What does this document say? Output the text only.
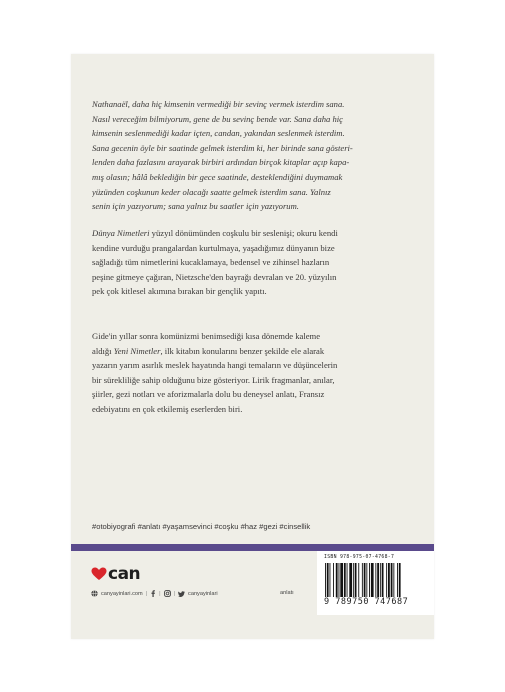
Nathanaël, daha hiç kimsenin vermediği bir sevinç vermek isterdim sana.
Nasıl vereceğim bilmiyorum, gene de bu sevinç bende var. Sana daha hiç
kimsenin seslenmediği kadar içten, candan, yakından seslenmek isterdim.
Sana gecenin öyle bir saatinde gelmek isterdim ki, her birinde sana gösteri-
lenden daha fazlasını arayarak birbiri ardından birçok kitaplar açıp kapa-
mış olasın; hâlâ beklediğin bir gece saatinde, desteklendiğini duymamak
yüzünden coşkunun keder olacağı saatte gelmek isterdim sana. Yalnız
senin için yazıyorum; sana yalnız bu saatler için yazıyorum.
Dünya Nimetleri yüzyıl dönümünden coşkulu bir seslenişi; okuru kendi
kendine vurduğu prangalardan kurtulmaya, yaşadığımız dünyanın bize
sağladığı tüm nimetlerini kucaklamaya, bedensel ve zihinsel hazların
peşine gitmeye çağıran, Nietzsche'den bayrağı devralan ve 20. yüzyılın
pek çok kitlesel akımına bırakan bir gençlik yapıtı.
Gide'in yıllar sonra komünizmi benimsediği kısa dönemde kaleme
aldığı Yeni Nimetler, ilk kitabın konularını benzer şekilde ele alarak
yazarın yarım asırlık meslek hayatında hangi temaların ve düşüncelerin
bir sürekliliğe sahip olduğunu bize gösteriyor. Lirik fragmanlar, anılar,
şiirler, gezi notları ve aforizmalarla dolu bu deneysel anlatı, Fransız
edebiyatını en çok etkilemiş eserlerden biri.
#otobiyografi #anlatı #yaşamsevinci #coşku #haz #gezi #cinsellik
can
canyayinlari.com | | | canyayinlari	anlatı
ISBN 978-975-07-4768-7
9 789750 747687
